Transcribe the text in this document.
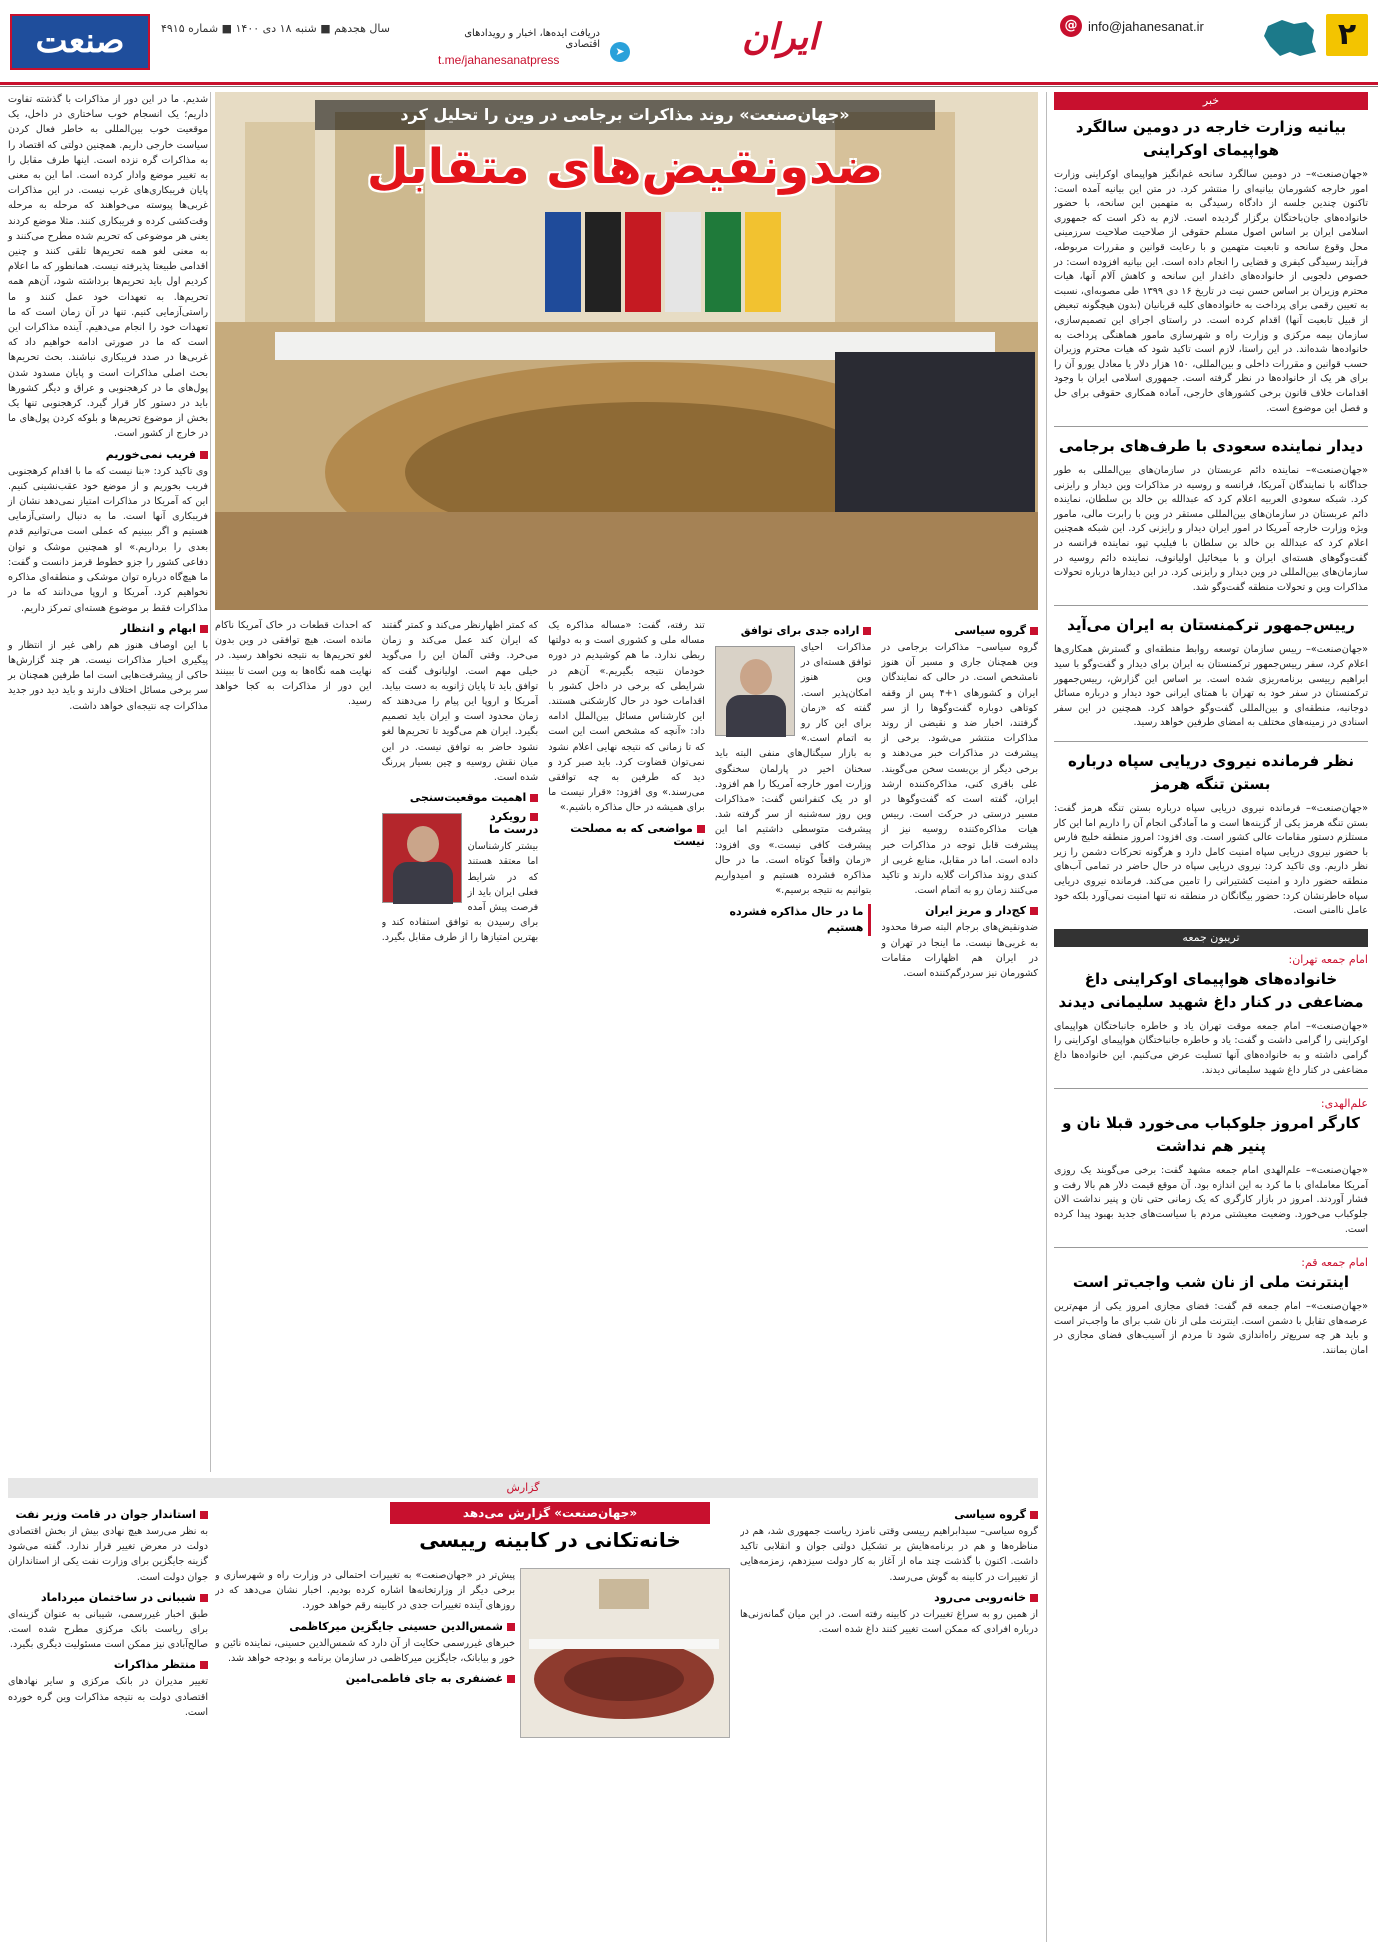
۲
@ info@jahanesanat.ir
ایران
دریافت ایده‌ها، اخبار و رویدادهای اقتصادی
t.me/jahanesanatpress
➤
سال هجدهم ■ شنبه ۱۸ دی ۱۴۰۰ ■ شماره ۴۹۱۵
صنعت
خبر
بیانیه وزارت خارجه در دومین سالگرد هواپیمای اوکراینی
«جهان‌صنعت»– در دومین سالگرد سانحه غم‌انگیز هواپیمای اوکراینی وزارت امور خارجه کشورمان بیانیه‌ای را منتشر کرد. در متن این بیانیه آمده است: تاکنون چندین جلسه از دادگاه رسیدگی به متهمین این سانحه، با حضور خانواده‌های جان‌باختگان برگزار گردیده است. لازم به ذکر است که جمهوری اسلامی ایران بر اساس اصول مسلم حقوقی از صلاحیت صلاحیت سرزمینی محل وقوع سانحه و تابعیت متهمین و با رعایت قوانین و مقررات مربوطه، فرآیند رسیدگی کیفری و قضایی را انجام داده است. این بیانیه افزوده است: در خصوص دلجویی از خانواده‌های داغدار این سانحه و کاهش آلام آنها، هیات محترم وزیران بر اساس حسن نیت در تاریخ ۱۶ دی ۱۳۹۹ طی مصوبه‌ای، نسبت به تعیین رقمی برای پرداخت به خانواده‌های کلیه قربانیان (بدون هیچگونه تبعیض از قبیل تابعیت آنها) اقدام کرده است. در راستای اجرای این تصمیم‌سازی، سازمان بیمه مرکزی و وزارت راه و شهرسازی مامور هماهنگی پرداخت به خانواده‌ها شده‌اند. در این راستا، لازم است تاکید شود که هیات محترم وزیران حسب قوانین و مقررات داخلی و بین‌المللی، ۱۵۰ هزار دلار یا معادل یورو آن را برای هر یک از خانواده‌ها در نظر گرفته است. جمهوری اسلامی ایران با وجود اقدامات خلاف قانون برخی کشورهای خارجی، آماده همکاری حقوقی برای حل و فصل این موضوع است.
دیدار نماینده سعودی با طرف‌های برجامی
«جهان‌صنعت»– نماینده دائم عربستان در سازمان‌های بین‌المللی به طور جداگانه با نمایندگان آمریکا، فرانسه و روسیه در مذاکرات وین دیدار و رایزنی کرد. شبکه سعودی العربیه اعلام کرد که عبدالله بن خالد بن سلطان، نماینده دائم عربستان در سازمان‌های بین‌المللی مستقر در وین با رابرت مالی، مامور ویژه وزارت خارجه آمریکا در امور ایران دیدار و رایزنی کرد. این شبکه همچنین اعلام کرد که عبدالله بن خالد بن سلطان با فیلیپ تپو، نماینده فرانسه در گفت‌وگوهای هسته‌ای ایران و با میخائیل اولیانوف، نماینده دائم روسیه در سازمان‌های بین‌المللی در وین دیدار و رایزنی کرد. در این دیدارها درباره تحولات مذاکرات وین و تحولات منطقه گفت‌وگو شد.
رییس‌جمهور ترکمنستان به ایران می‌آید
«جهان‌صنعت»– رییس سازمان توسعه روابط منطقه‌ای و گسترش همکاری‌ها اعلام کرد، سفر رییس‌جمهور ترکمنستان به ایران برای دیدار و گفت‌وگو با سید ابراهیم رییسی برنامه‌ریزی شده است. بر اساس این گزارش، رییس‌جمهور ترکمنستان در سفر خود به تهران با همتای ایرانی خود دیدار و درباره مسائل دوجانبه، منطقه‌ای و بین‌المللی گفت‌وگو خواهد کرد. همچنین در این سفر اسنادی در زمینه‌های مختلف به امضای طرفین خواهد رسید.
نظر فرمانده نیروی دریایی سپاه درباره بستن تنگه هرمز
«جهان‌صنعت»– فرمانده نیروی دریایی سپاه درباره بستن تنگه هرمز گفت: بستن تنگه هرمز یکی از گزینه‌ها است و ما آمادگی انجام آن را داریم اما این کار مستلزم دستور مقامات عالی کشور است. وی افزود: امروز منطقه خلیج فارس با حضور نیروی دریایی سپاه امنیت کامل دارد و هرگونه تحرکات دشمن را زیر نظر داریم. وی تاکید کرد: نیروی دریایی سپاه در حال حاضر در تمامی آب‌های منطقه حضور دارد و امنیت کشتیرانی را تامین می‌کند. فرمانده نیروی دریایی سپاه خاطرنشان کرد: حضور بیگانگان در منطقه نه تنها امنیت نمی‌آورد بلکه خود عامل ناامنی است.
تریبون جمعه
امام جمعه تهران:
خانواده‌های هواپیمای اوکراینی داغ مضاعفی در کنار داغ شهید سلیمانی دیدند
«جهان‌صنعت»– امام جمعه موقت تهران یاد و خاطره جانباختگان هواپیمای اوکراینی را گرامی داشت و گفت: یاد و خاطره جانباختگان هواپیمای اوکراینی را گرامی داشته و به خانواده‌های آنها تسلیت عرض می‌کنیم. این خانواده‌ها داغ مضاعفی در کنار داغ شهید سلیمانی دیدند.
علم‌الهدی:
کارگر امروز جلوکباب می‌خورد قبلا نان و پنیر هم نداشت
«جهان‌صنعت»– علم‌الهدی امام جمعه مشهد گفت: برخی می‌گویند یک روزی آمریکا معامله‌ای با ما کرد به این اندازه بود. آن موقع قیمت دلار هم بالا رفت و فشار آوردند. امروز در بازار کارگری که یک زمانی حتی نان و پنیر نداشت الان جلوکباب می‌خورد. وضعیت معیشتی مردم با سیاست‌های جدید بهبود پیدا کرده است.
امام جمعه قم:
اینترنت ملی از نان شب واجب‌تر است
«جهان‌صنعت»– امام جمعه قم گفت: فضای مجازی امروز یکی از مهم‌ترین عرصه‌های تقابل با دشمن است. اینترنت ملی از نان شب برای ما واجب‌تر است و باید هر چه سریع‌تر راه‌اندازی شود تا مردم از آسیب‌های فضای مجازی در امان بمانند.
شدیم. ما در این دور از مذاکرات با گذشته تفاوت داریم؛ یک انسجام خوب ساختاری در داخل، یک موقعیت خوب بین‌المللی به خاطر فعال کردن سیاست خارجی داریم. همچنین دولتی که اقتصاد را به مذاکرات گره نزده است. اینها طرف مقابل را به تغییر موضع وادار کرده است. اما این به معنی پایان فریبکاری‌های غرب نیست. در این مذاکرات غربی‌ها پیوسته می‌خواهند که مرحله به مرحله وقت‌کشی کرده و فریبکاری کنند. مثلا موضع کردند یعنی هر موضوعی که تحریم شده مطرح می‌کنند و به معنی لغو همه تحریم‌ها تلقی کنند و چنین اقدامی طبیعتا پذیرفته نیست. همانطور که ما اعلام کردیم اول باید تحریم‌ها برداشته شود، آن‌هم همه تحریم‌ها. به تعهدات خود عمل کنند و ما راستی‌آزمایی کنیم. تنها در آن زمان است که ما تعهدات خود را انجام می‌دهیم. آینده مذاکرات این است که ما در صورتی ادامه خواهیم داد که غربی‌ها در صدد فریبکاری نباشند. بحث تحریم‌ها بحث اصلی مذاکرات است و پایان مسدود شدن پول‌های ما در کرهجنوبی و عراق و دیگر کشورها باید در دستور کار قرار گیرد. کرهجنوبی تنها یک بخش از موضوع تحریم‌ها و بلوکه کردن پول‌های ما در خارج از کشور است.
فریب نمی‌خوریم
وی تاکید کرد: «بنا نیست که ما با اقدام کرهجنوبی فریب بخوریم و از موضع خود عقب‌نشینی کنیم. این که آمریکا در مذاکرات امتیاز نمی‌دهد نشان از فریبکاری آنها است. ما به دنبال راستی‌آزمایی هستیم و اگر ببینیم که عملی است می‌توانیم قدم بعدی را برداریم.» او همچنین موشک و توان دفاعی کشور را جزو خطوط قرمز دانست و گفت: ما هیچ‌گاه درباره توان موشکی و منطقه‌ای مذاکره نخواهیم کرد. آمریکا و اروپا می‌دانند که ما در مذاکرات فقط بر موضوع هسته‌ای تمرکز داریم.
ابهام و انتظار
با این اوصاف هنوز هم راهی غیر از انتظار و پیگیری اخبار مذاکرات نیست. هر چند گزارش‌ها حاکی از پیشرفت‌هایی است اما طرفین همچنان بر سر برخی مسائل اختلاف دارند و باید دید دور جدید مذاکرات چه نتیجه‌ای خواهد داشت.
«جهان‌صنعت» روند مذاکرات برجامی در وین را تحلیل کرد
ضدونقیض‌های متقابل
گروه سیاسی
گروه سیاسی– مذاکرات برجامی در وین همچنان جاری و مسیر آن هنوز نامشخص است. در حالی که نمایندگان ایران و کشورهای ۱+۴ پس از وقفه کوتاهی دوباره گفت‌وگوها را از سر گرفتند، اخبار ضد و نقیضی از روند مذاکرات منتشر می‌شود. برخی از پیشرفت در مذاکرات خبر می‌دهند و برخی دیگر از بن‌بست سخن می‌گویند. علی باقری کنی، مذاکره‌کننده ارشد ایران، گفته است که گفت‌وگوها در مسیر درستی در حرکت است. رییس هیات مذاکره‌کننده روسیه نیز از پیشرفت قابل توجه در مذاکرات خبر داده است. اما در مقابل، منابع غربی از کندی روند مذاکرات گلایه دارند و تاکید می‌کنند زمان رو به اتمام است.
کج‌دار و مریز ایران
ضدونقیض‌های برجام البته صرفا محدود به غربی‌ها نیست. ما اینجا در تهران و در ایران هم اظهارات مقامات کشورمان نیز سردرگم‌کننده است.
اراده جدی برای توافق
مذاکرات احیای توافق هسته‌ای در وین هنوز امکان‌پذیر است. گفته که «زمان برای این کار رو به اتمام است.» به بازار سیگنال‌های منفی البته باید سخنان اخیر در پارلمان سخنگوی وزارت امور خارجه آمریکا را هم افزود. او در یک کنفرانس گفت: «مذاکرات وین روز سه‌شنبه از سر گرفته شد. پیشرفت متوسطی داشتیم اما این پیشرفت کافی نیست.» وی افزود: «زمان واقعاً کوتاه است. ما در حال مذاکره فشرده هستیم و امیدواریم بتوانیم به نتیجه برسیم.»
ما در حال مذاکره فشرده هستیم
تند رفته، گفت: «مساله مذاکره یک مساله ملی و کشوری است و به دولتها ربطی ندارد. ما هم کوشیدیم در دوره خودمان نتیجه بگیریم.» آن‌هم در شرایطی که برخی در داخل کشور با اقدامات خود در حال کارشکنی هستند. این کارشناس مسائل بین‌الملل ادامه داد: «آنچه که مشخص است این است که تا زمانی که نتیجه نهایی اعلام نشود نمی‌توان قضاوت کرد. باید صبر کرد و دید که طرفین به چه توافقی می‌رسند.» وی افزود: «قرار نیست ما برای همیشه در حال مذاکره باشیم.»
مواضعی که به مصلحت نیست
که کمتر اظهارنظر می‌کند و کمتر گفتند که ایران کند عمل می‌کند و زمان می‌خرد. وقتی آلمان این را می‌گوید خیلی مهم است. اولیانوف گفت که توافق باید تا پایان ژانویه به دست بیاید. آمریکا و اروپا این پیام را می‌دهند که زمان محدود است و ایران باید تصمیم بگیرد. ایران هم می‌گوید تا تحریم‌ها لغو نشود حاضر به توافق نیست. در این میان نقش روسیه و چین بسیار پررنگ شده است.
اهمیت موقعیت‌سنجی
رویکرد درست ما
بیشتر کارشناسان اما معتقد هستند که در شرایط فعلی ایران باید از فرصت پیش آمده برای رسیدن به توافق استفاده کند و بهترین امتیازها را از طرف مقابل بگیرد.
که احداث قطعات در خاک آمریکا ناکام مانده است. هیچ توافقی در وین بدون لغو تحریم‌ها به نتیجه نخواهد رسید. در نهایت همه نگاه‌ها به وین است تا ببینند این دور از مذاکرات به کجا خواهد رسید.
گزارش
«جهان‌صنعت» گزارش می‌دهد
خانه‌تکانی در کابینه رییسی
گروه سیاسی
گروه سیاسی– سیدابراهیم رییسی وقتی نامزد ریاست جمهوری شد، هم در مناظره‌ها و هم در برنامه‌هایش بر تشکیل دولتی جوان و انقلابی تاکید داشت. اکنون با گذشت چند ماه از آغاز به کار دولت سیزدهم، زمزمه‌هایی از تغییرات در کابینه به گوش می‌رسد.
خانه‌روبی می‌رود
از همین رو به سراغ تغییرات در کابینه رفته است. در این میان گمانه‌زنی‌ها درباره افرادی که ممکن است تغییر کنند داغ شده است.
پیش‌تر در «جهان‌صنعت» به تغییرات احتمالی در وزارت راه و شهرسازی و برخی دیگر از وزارتخانه‌ها اشاره کرده بودیم. اخبار نشان می‌دهد که در روزهای آینده تغییرات جدی در کابینه رقم خواهد خورد.
شمس‌الدین حسینی جایگزین میرکاظمی
خبرهای غیررسمی حکایت از آن دارد که شمس‌الدین حسینی، نماینده نائین و خور و بیابانک، جایگزین میرکاظمی در سازمان برنامه و بودجه خواهد شد.
غضنفری به جای فاطمی‌امین
استاندار جوان در قامت وزیر نفت
به نظر می‌رسد هیچ نهادی بیش از بخش اقتصادی دولت در معرض تغییر قرار ندارد. گفته می‌شود گزینه جایگزین برای وزارت نفت یکی از استانداران جوان دولت است.
شیبانی در ساختمان میرداماد
طبق اخبار غیررسمی، شیبانی به عنوان گزینه‌ای برای ریاست بانک مرکزی مطرح شده است. صالح‌آبادی نیز ممکن است مسئولیت دیگری بگیرد.
منتظر مذاکرات
تغییر مدیران در بانک مرکزی و سایر نهادهای اقتصادی دولت به نتیجه مذاکرات وین گره خورده است.
